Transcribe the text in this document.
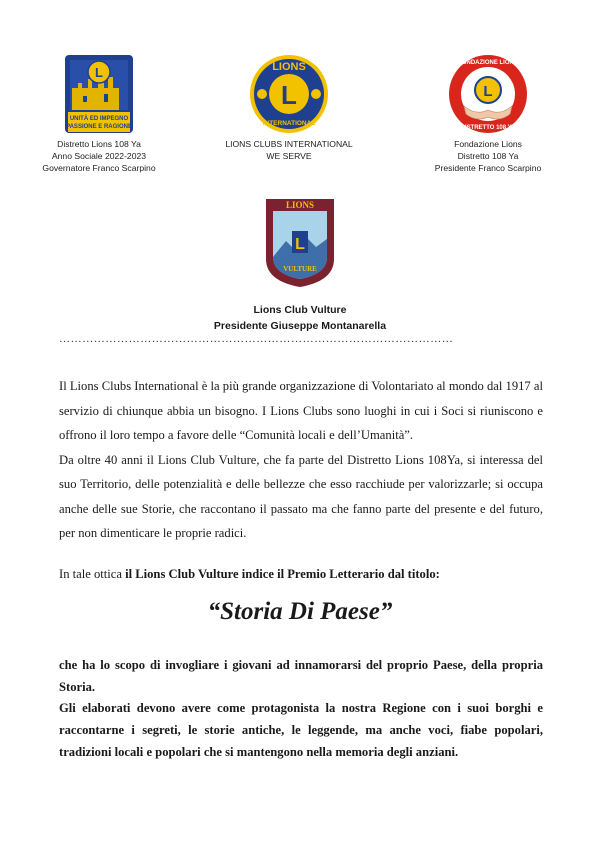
L
UNITÀ ED IMPEGNO
PASSIONE E RAGIONE
Distretto Lions 108 Ya
Anno Sociale 2022-2023
Governatore Franco Scarpino
L
LIONS
INTERNATIONAL
LIONS CLUBS INTERNATIONAL
WE SERVE
L
FONDAZIONE LIONS
DISTRETTO 108 YA
Fondazione Lions
Distretto 108 Ya
Presidente Franco Scarpino
L
LIONS
VULTURE
Lions Club Vulture
Presidente Giuseppe Montanarella
…………………………………………………………………………………………

Il Lions Clubs International è la più grande organizzazione di Volontariato al mondo dal 1917 al servizio di chiunque abbia un bisogno. I Lions Clubs sono luoghi in cui i Soci si riuniscono e offrono il loro tempo a favore delle “Comunità locali e dell’Umanità”.

Da oltre 40 anni il Lions Club Vulture, che fa parte del Distretto Lions 108Ya, si interessa del suo Territorio, delle potenzialità e delle bellezze che esso racchiude per valorizzarle; si occupa anche delle sue Storie, che raccontano il passato ma che fanno parte del presente e del futuro, per non dimenticare le proprie radici.

In tale ottica il Lions Club Vulture indice il Premio Letterario dal titolo:
“Storia Di Paese”

che ha lo scopo di invogliare i giovani ad innamorarsi del proprio Paese, della propria Storia.

Gli elaborati devono avere come protagonista la nostra Regione con i suoi borghi e raccontarne i segreti, le storie antiche, le leggende, ma anche voci, fiabe popolari, tradizioni locali e popolari che si mantengono nella memoria degli anziani.
